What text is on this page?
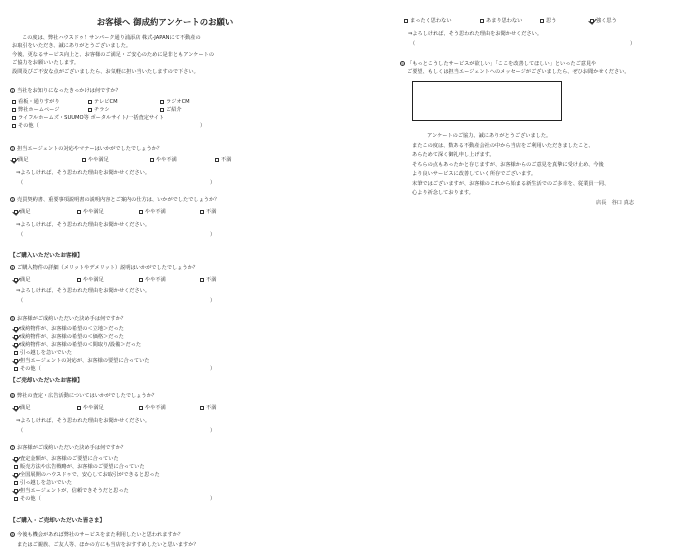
お客様へ 御成約アンケートのお願い
この度は、弊社ハウスドゥ！サンパーク通り浦添店 株式-JAPANにて不動産の
お取引をいただき、誠にありがとうございました。
今後、更なるサービス向上と、お客様のご満足・ご安心のために是非ともアンケートの
ご協力をお願いいたします。
設問及びご不安な点がございましたら、お気軽に担い当いたしますので下さい。
1 当社をお知りになったきっかけは何ですか？
看板・通りすがり	テレビCM	ラジオCM
弊社ホームページ	チラシ	ご紹介
ライフルホームズ・SUUMO等 ポータルサイト/一括査定サイト
その他（	）
2 担当エージェントの対応やマナーはいかがでしたでしょうか？
満足	やや満足	やや不満	不満
⇒よろしければ、そう思われた理由をお聞かせください。
（	）
3 売買契約書、重要事項説明書の説明内容とご案内の仕方は、いかがでしたでしょうか？
満足	やや満足	やや不満	不満
⇒よろしければ、そう思われた理由をお聞かせください。
（	）
【ご購入いただいたお客様】
4 ご購入物件の詳細（メリットやデメリット）説明はいかがでしたでしょうか？
満足	やや満足	やや不満	不満
⇒よろしければ、そう思われた理由をお聞かせください。
（	）
5 お客様がご成約いただいた決め手は何ですか？
成約物件が、お客様の希望の＜立地＞だった
成約物件が、お客様の希望の＜価格＞だった
成約物件が、お客様の希望の＜間取り/設備＞だった
引っ越しを急いでいた
担当エージェントの対応が、お客様の要望に合っていた
その他（	）
【ご売却いただいたお客様】
6 弊社の査定・広告活動についてはいかがでしたでしょうか？
満足	やや満足	やや不満	不満
⇒よろしければ、そう思われた理由をお聞かせください。
（	）
7 お客様がご成約いただいた決め手は何ですか？
査定金額が、お客様のご要望に合っていた
販売方法や広告戦略が、お客様のご要望に合っていた
全国展開のハウスドゥで、安心してお取引ができると思った
引っ越しを急いでいた
担当エージェントが、信頼できそうだと思った
その他（	）
【ご購入・ご売却いただいた皆さま】
8 今後も機会があれば弊社のサービスをまた利用したいと思われますか？
またはご親族、ご友人等、ほかの方にも当店をおすすめしたいと思いますか？
まったく思わない	あまり思わない	思う	強く思う
⇒よろしければ、そう思われた理由をお聞かせください。
（	）
9 「もっとこうしたサービスが欲しい」「ここを改善してほしい」といったご意見や
ご要望、もしくは担当エージェントへのメッセージがございましたら、ぜひお聞かせください。
アンケートのご協力、誠にありがとうございました。
またこの度は、数ある不動産会社の中から当店をご利用いただきましたこと、
あらためて深く御礼申し上げます。
そちらの点もあったかと存じますが、お客様からのご意見を真摯に受け止め、今後
より良いサービスに改善していく所存でございます。
末筆ではございますが、お客様のこれから始まる新生活でのご多幸を、従業員一同、
心より祈念しております。
店長　谷口 真志
